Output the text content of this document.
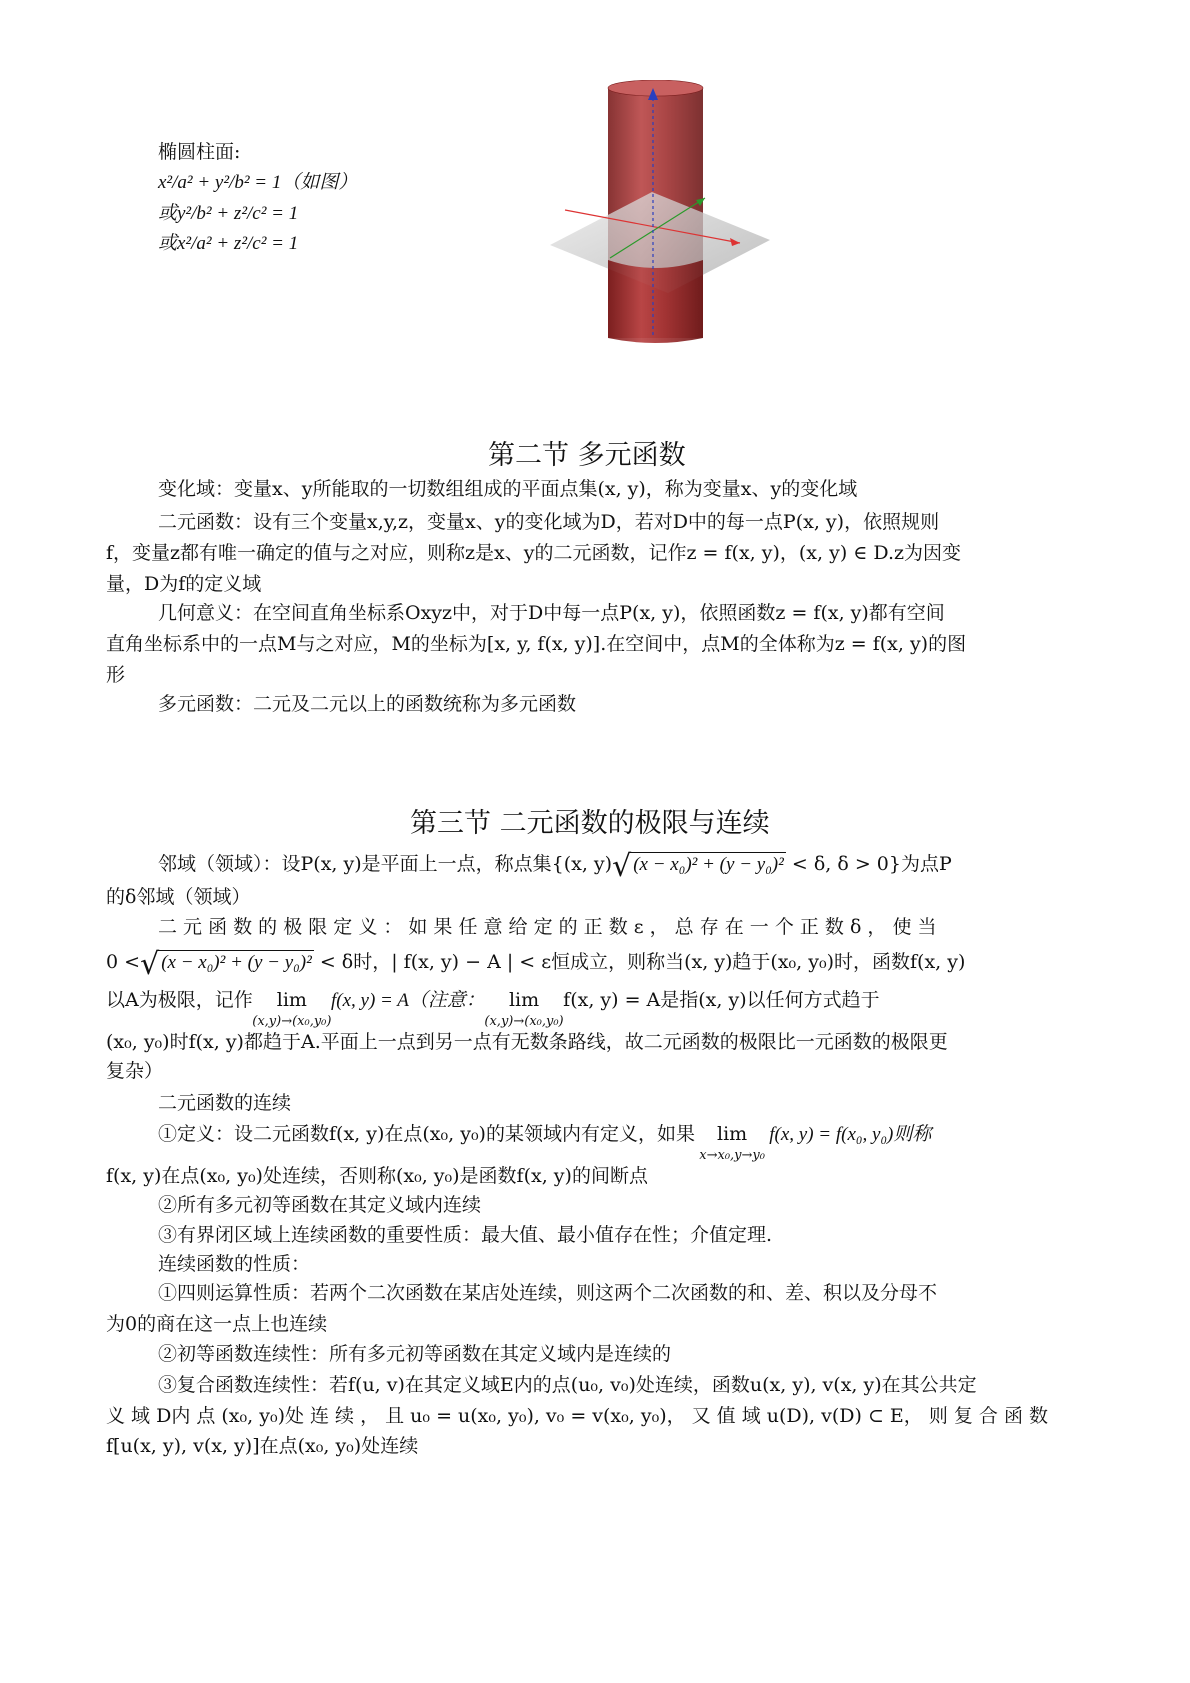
椭圆柱面:
x²/a² + y²/b² = 1（如图）
或y²/b² + z²/c² = 1
或x²/a² + z²/c² = 1
第二节 多元函数
变化域：变量x、y所能取的一切数组组成的平面点集(x, y)，称为变量x、y的变化域
二元函数：设有三个变量x,y,z，变量x、y的变化域为D，若对D中的每一点P(x, y)，依照规则
f，变量z都有唯一确定的值与之对应，则称z是x、y的二元函数，记作z = f(x, y)，(x, y) ∈ D.z为因变
量，D为f的定义域
几何意义：在空间直角坐标系Oxyz中，对于D中每一点P(x, y)，依照函数z = f(x, y)都有空间
直角坐标系中的一点M与之对应，M的坐标为[x, y, f(x, y)].在空间中，点M的全体称为z = f(x, y)的图
形
多元函数：二元及二元以上的函数统称为多元函数
第三节 二元函数的极限与连续
邻域（领域）：设P(x, y)是平面上一点，称点集{(x, y)√ (x − x₀)² + (y − y₀)² < δ, δ > 0}为点P
的δ邻域（领域）
二 元 函 数 的 极 限 定 义 ： 如 果 任 意 给 定 的 正 数 ε ， 总 存 在 一 个 正 数 δ ， 使 当
0 <√ (x − x₀)² + (y − y₀)² < δ时，| f(x, y) − A | < ε恒成立，则称当(x, y)趋于(x₀, y₀)时，函数f(x, y)
以A为极限，记作 lim
(x,y)→(x₀,y₀)
f(x, y) = A（注意： lim
(x,y)→(x₀,y₀)
f(x, y) = A是指(x, y)以任何方式趋于
(x₀, y₀)时f(x, y)都趋于A.平面上一点到另一点有无数条路线，故二元函数的极限比一元函数的极限更
复杂）
二元函数的连续
①定义：设二元函数f(x, y)在点(x₀, y₀)的某领域内有定义，如果 lim
x→x₀,y→y₀
f(x, y) = f(x₀, y₀)则称
f(x, y)在点(x₀, y₀)处连续，否则称(x₀, y₀)是函数f(x, y)的间断点
②所有多元初等函数在其定义域内连续
③有界闭区域上连续函数的重要性质：最大值、最小值存在性；介值定理.
连续函数的性质：
①四则运算性质：若两个二次函数在某店处连续，则这两个二次函数的和、差、积以及分母不
为0的商在这一点上也连续
②初等函数连续性：所有多元初等函数在其定义域内是连续的
③复合函数连续性：若f(u, v)在其定义域E内的点(u₀, v₀)处连续，函数u(x, y), v(x, y)在其公共定
义 域 D内 点 (x₀, y₀)处 连 续 ， 且 u₀ = u(x₀, y₀), v₀ = v(x₀, y₀)， 又 值 域 u(D), v(D) ⊂ E， 则 复 合 函 数
f[u(x, y), v(x, y)]在点(x₀, y₀)处连续
